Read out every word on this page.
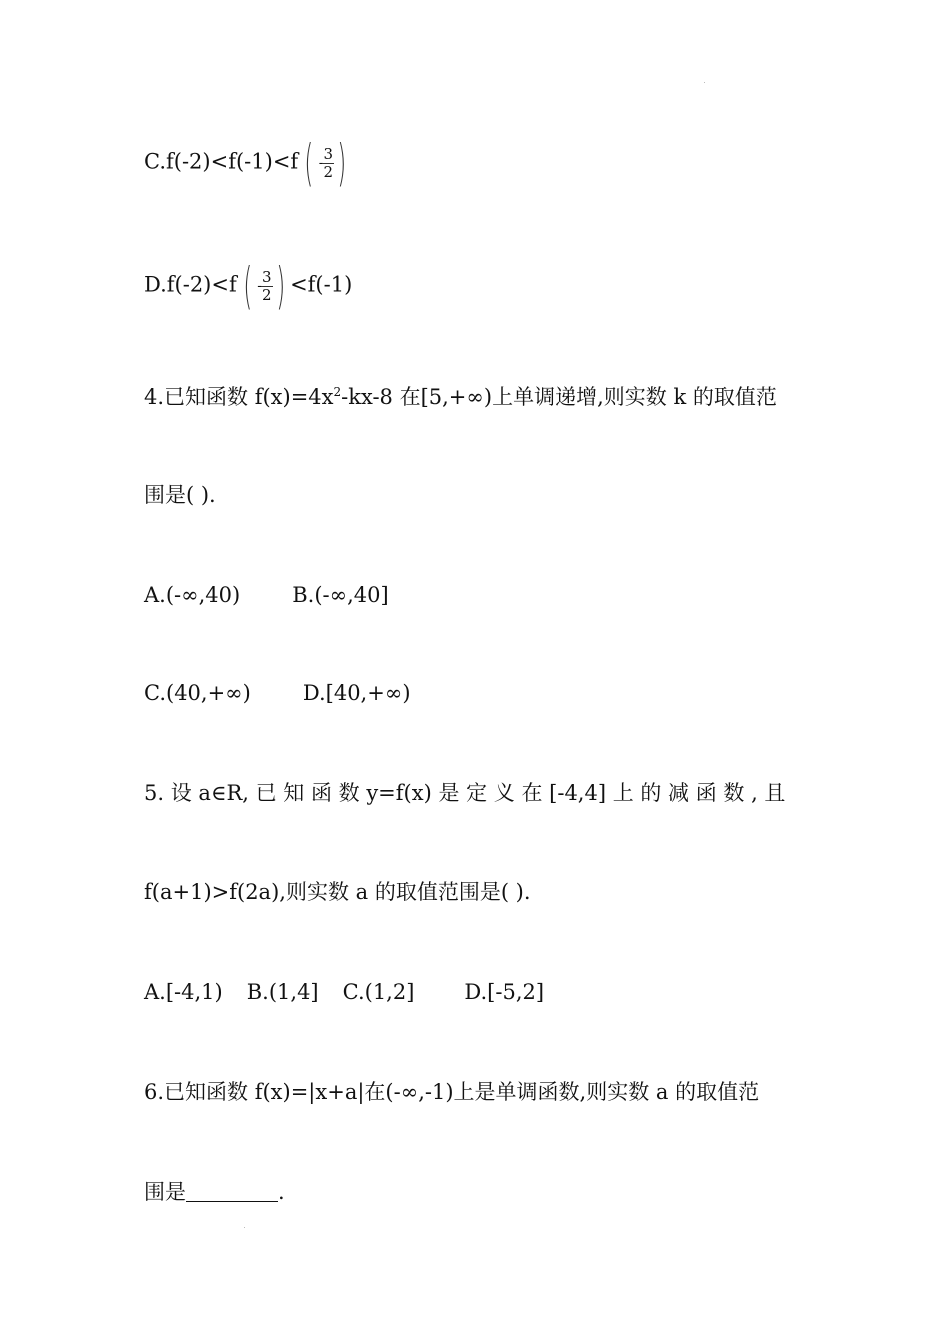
C.f(-2)<f(-1)<f ( - $\frac{3}{2}$ )
D.f(-2)<f ( - $\frac{3}{2}$ ) <f(-1)
4.已知函数 $f(x)=4x^2-kx-8$ 在[5,+∞)上单调递增,则实数 k 的取值范
围是( ).
A.(-∞,40) B.(-∞,40]
C.(40,+∞) D.[40,+∞)
5. 设 a∈R, 已 知 函 数 y=f(x) 是 定 义 在 [-4,4] 上 的 减 函 数 , 且
f(a+1)>f(2a),则实数 a 的取值范围是( ).
A.[-4,1) B.(1,4] C.(1,2] D.[-5,2]
6.已知函数 f(x)=|x+a|在(-∞,-1)上是单调函数,则实数 a 的取值范
围是	.
